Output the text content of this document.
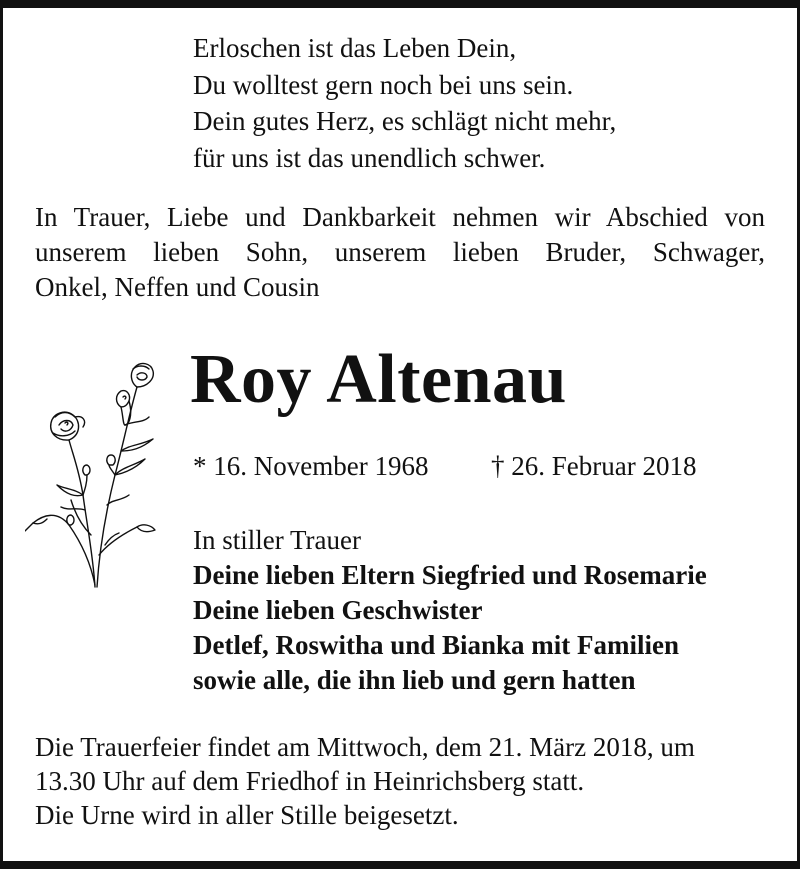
Erloschen ist das Leben Dein,
Du wolltest gern noch bei uns sein.
Dein gutes Herz, es schlägt nicht mehr,
für uns ist das unendlich schwer.
In Trauer, Liebe und Dankbarkeit nehmen wir Abschied von
unserem lieben Sohn, unserem lieben Bruder, Schwager,
Onkel, Neffen und Cousin
Roy Altenau
* 16. November 1968 † 26. Februar 2018
In stiller Trauer
Deine lieben Eltern Siegfried und Rosemarie
Deine lieben Geschwister
Detlef, Roswitha und Bianka mit Familien
sowie alle, die ihn lieb und gern hatten
Die Trauerfeier findet am Mittwoch, dem 21. März 2018, um
13.30 Uhr auf dem Friedhof in Heinrichsberg statt.
Die Urne wird in aller Stille beigesetzt.
